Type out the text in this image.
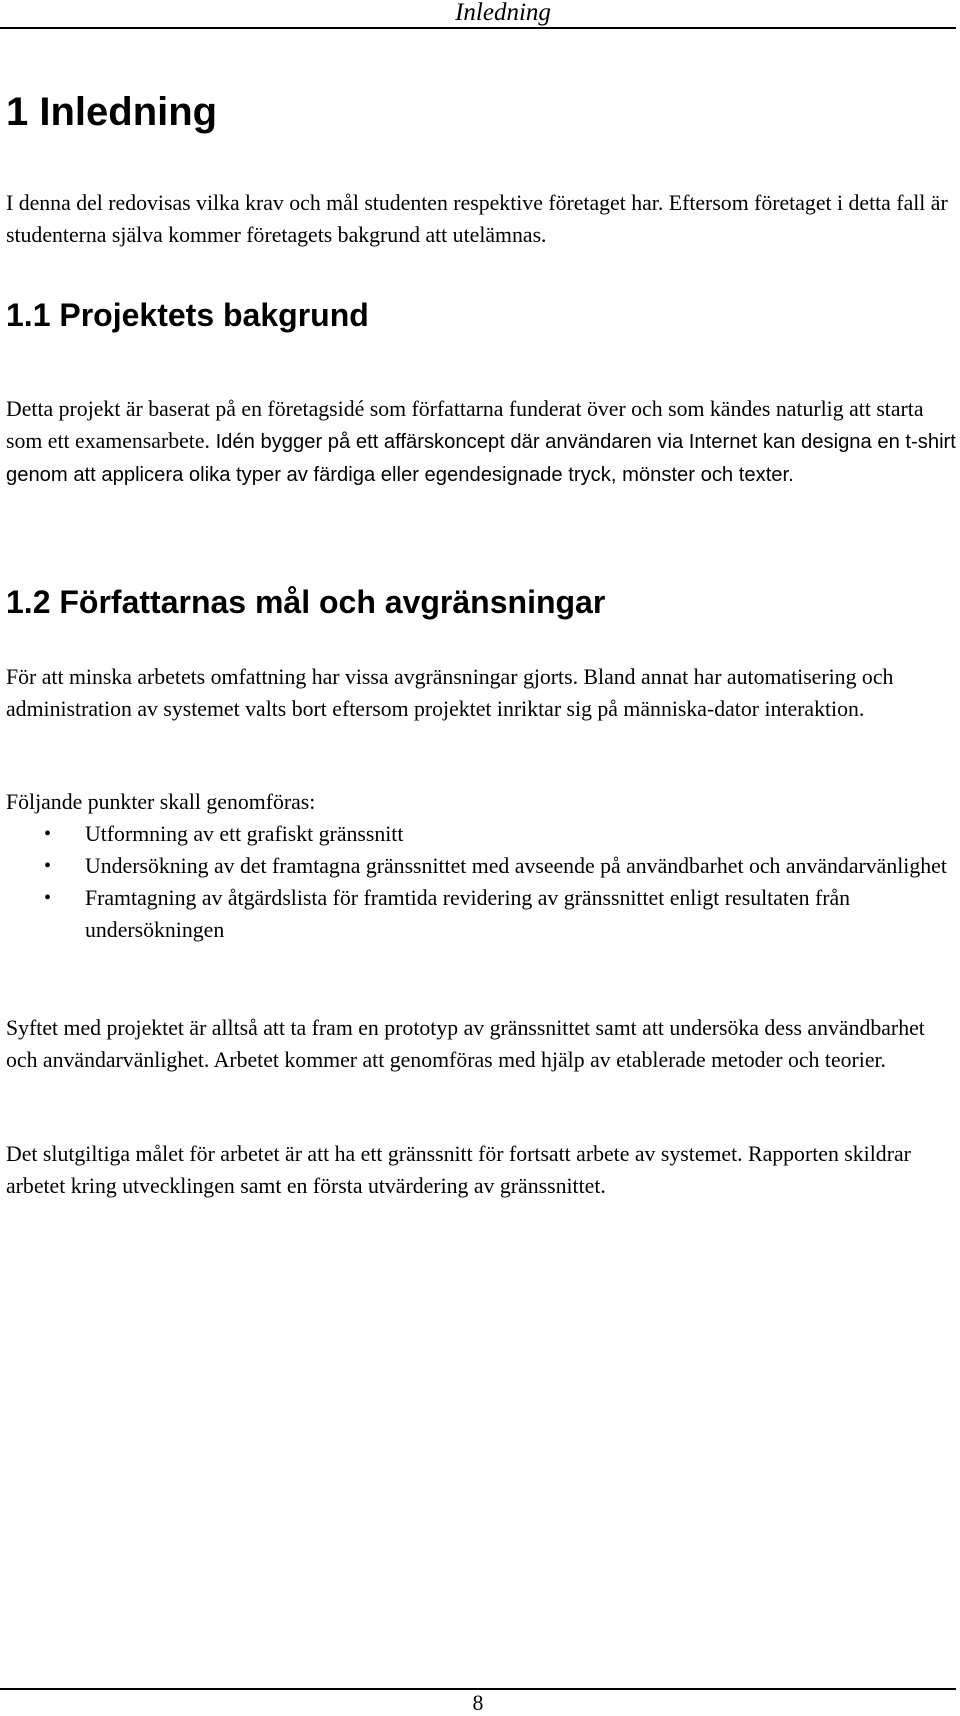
Inledning
1 Inledning

I denna del redovisas vilka krav och mål studenten respektive företaget har. Eftersom företaget i detta fall är studenterna själva kommer företagets bakgrund att utelämnas.

1.1 Projektets bakgrund

Detta projekt är baserat på en företagsidé som författarna funderat över och som kändes naturlig att starta som ett examensarbete. Idén bygger på ett affärskoncept där användaren via Internet kan designa en t-shirt genom att applicera olika typer av färdiga eller egendesignade tryck, mönster och texter.

1.2 Författarnas mål och avgränsningar

För att minska arbetets omfattning har vissa avgränsningar gjorts. Bland annat har automatisering och administration av systemet valts bort eftersom projektet inriktar sig på människa-dator interaktion.

Följande punkter skall genomföras:

• Utformning av ett grafiskt gränssnitt
• Undersökning av det framtagna gränssnittet med avseende på användbarhet och användarvänlighet
• Framtagning av åtgärdslista för framtida revidering av gränssnittet enligt resultaten från undersökningen

Syftet med projektet är alltså att ta fram en prototyp av gränssnittet samt att undersöka dess användbarhet och användarvänlighet. Arbetet kommer att genomföras med hjälp av etablerade metoder och teorier.

Det slutgiltiga målet för arbetet är att ha ett gränssnitt för fortsatt arbete av systemet. Rapporten skildrar arbetet kring utvecklingen samt en första utvärdering av gränssnittet.

8
